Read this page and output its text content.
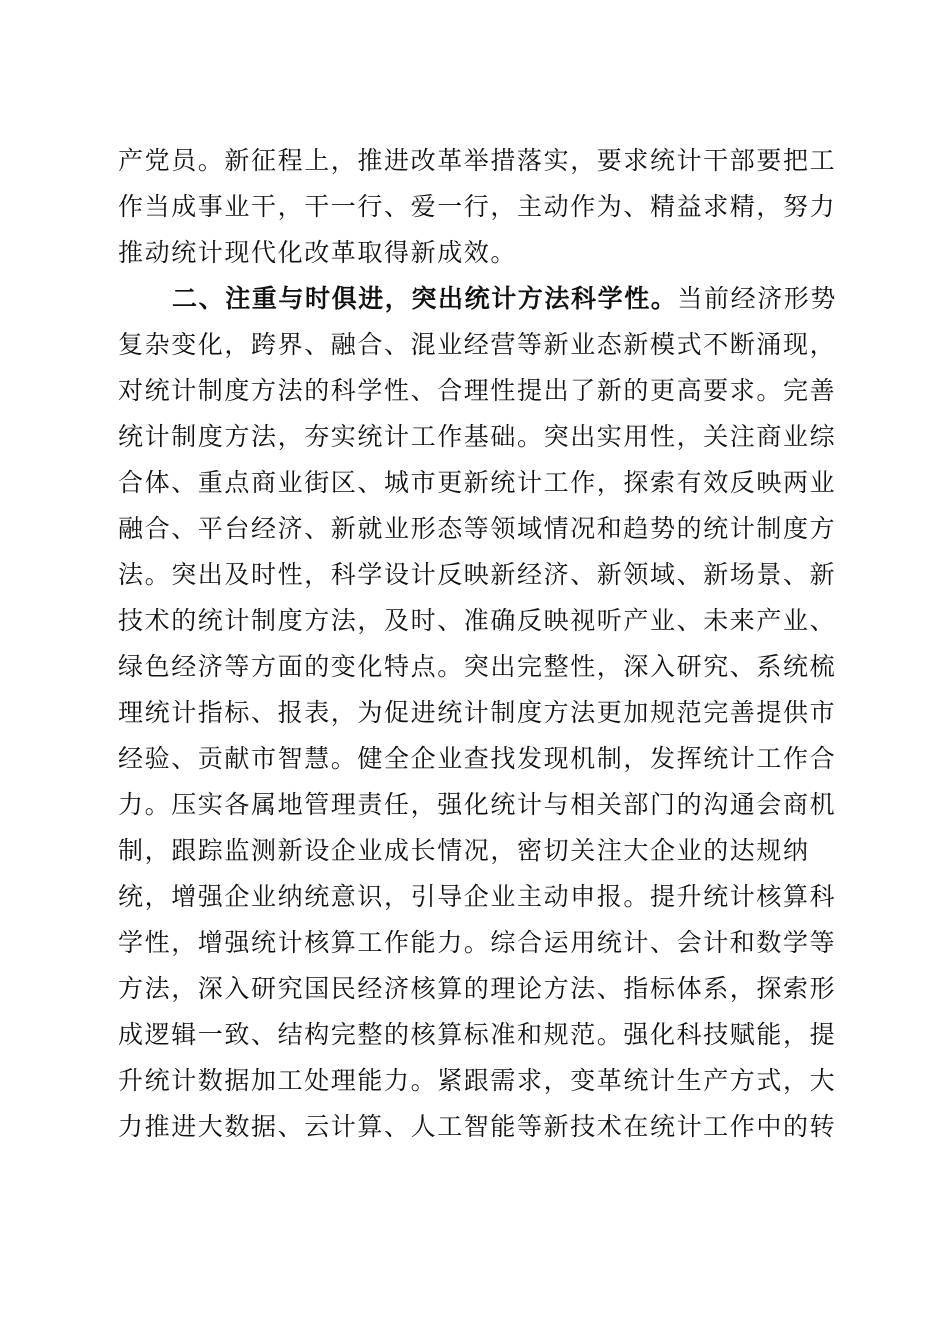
产党员。新征程上，推进改革举措落实，要求统计干部要把工
作当成事业干，干一行、爱一行，主动作为、精益求精，努力
推动统计现代化改革取得新成效。
二、注重与时俱进，突出统计方法科学性。当前经济形势
复杂变化，跨界、融合、混业经营等新业态新模式不断涌现，
对统计制度方法的科学性、合理性提出了新的更高要求。完善
统计制度方法，夯实统计工作基础。突出实用性，关注商业综
合体、重点商业街区、城市更新统计工作，探索有效反映两业
融合、平台经济、新就业形态等领域情况和趋势的统计制度方
法。突出及时性，科学设计反映新经济、新领域、新场景、新
技术的统计制度方法，及时、准确反映视听产业、未来产业、
绿色经济等方面的变化特点。突出完整性，深入研究、系统梳
理统计指标、报表，为促进统计制度方法更加规范完善提供市
经验、贡献市智慧。健全企业查找发现机制，发挥统计工作合
力。压实各属地管理责任，强化统计与相关部门的沟通会商机
制，跟踪监测新设企业成长情况，密切关注大企业的达规纳
统，增强企业纳统意识，引导企业主动申报。提升统计核算科
学性，增强统计核算工作能力。综合运用统计、会计和数学等
方法，深入研究国民经济核算的理论方法、指标体系，探索形
成逻辑一致、结构完整的核算标准和规范。强化科技赋能，提
升统计数据加工处理能力。紧跟需求，变革统计生产方式，大
力推进大数据、云计算、人工智能等新技术在统计工作中的转
